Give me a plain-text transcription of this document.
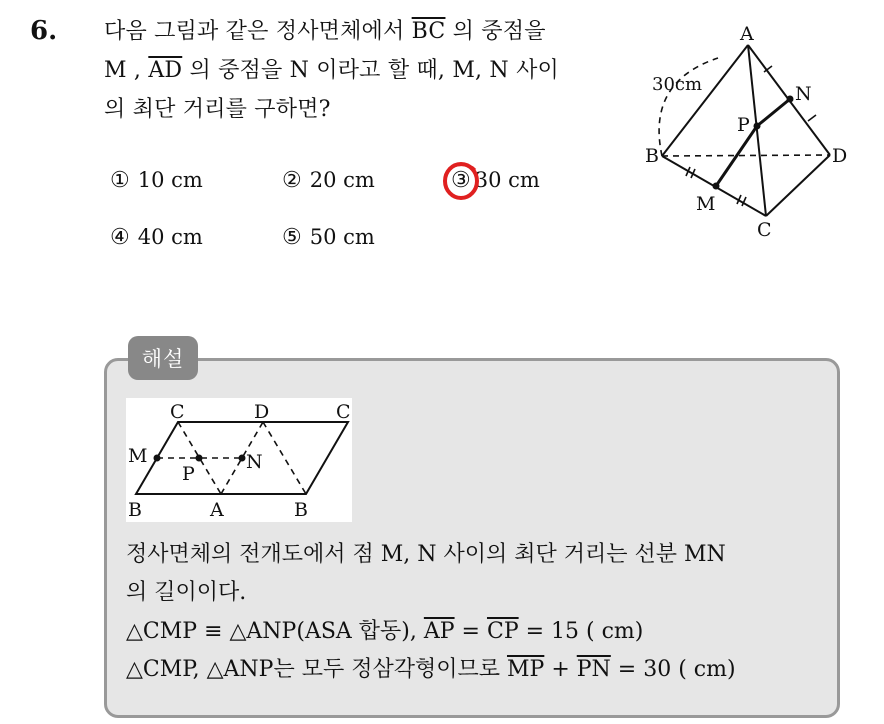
6. 다음 그림과 같은 정사면체에서 $\overline{BC}$ 의 중점을
M , $\overline{AD}$ 의 중점을 N 이라고 할 때, M, N 사이
의 최단 거리를 구하면?
① 10 cm	② 20 cm	③ 30 cm
④ 40 cm	⑤ 50 cm
A
B
C
D
M
N
P
30cm
해설
C	D	C
M
P
N
B	A	B
정사면체의 전개도에서 점 M, N 사이의 최단 거리는 선분 MN
의 길이이다.
△CMP ≡ △ANP(ASA 합동), $\overline{AP} = \overline{CP} = 15$ ( cm)
△CMP, △ANP는 모두 정삼각형이므로 $\overline{MP} + \overline{PN} = 30$ ( cm)
